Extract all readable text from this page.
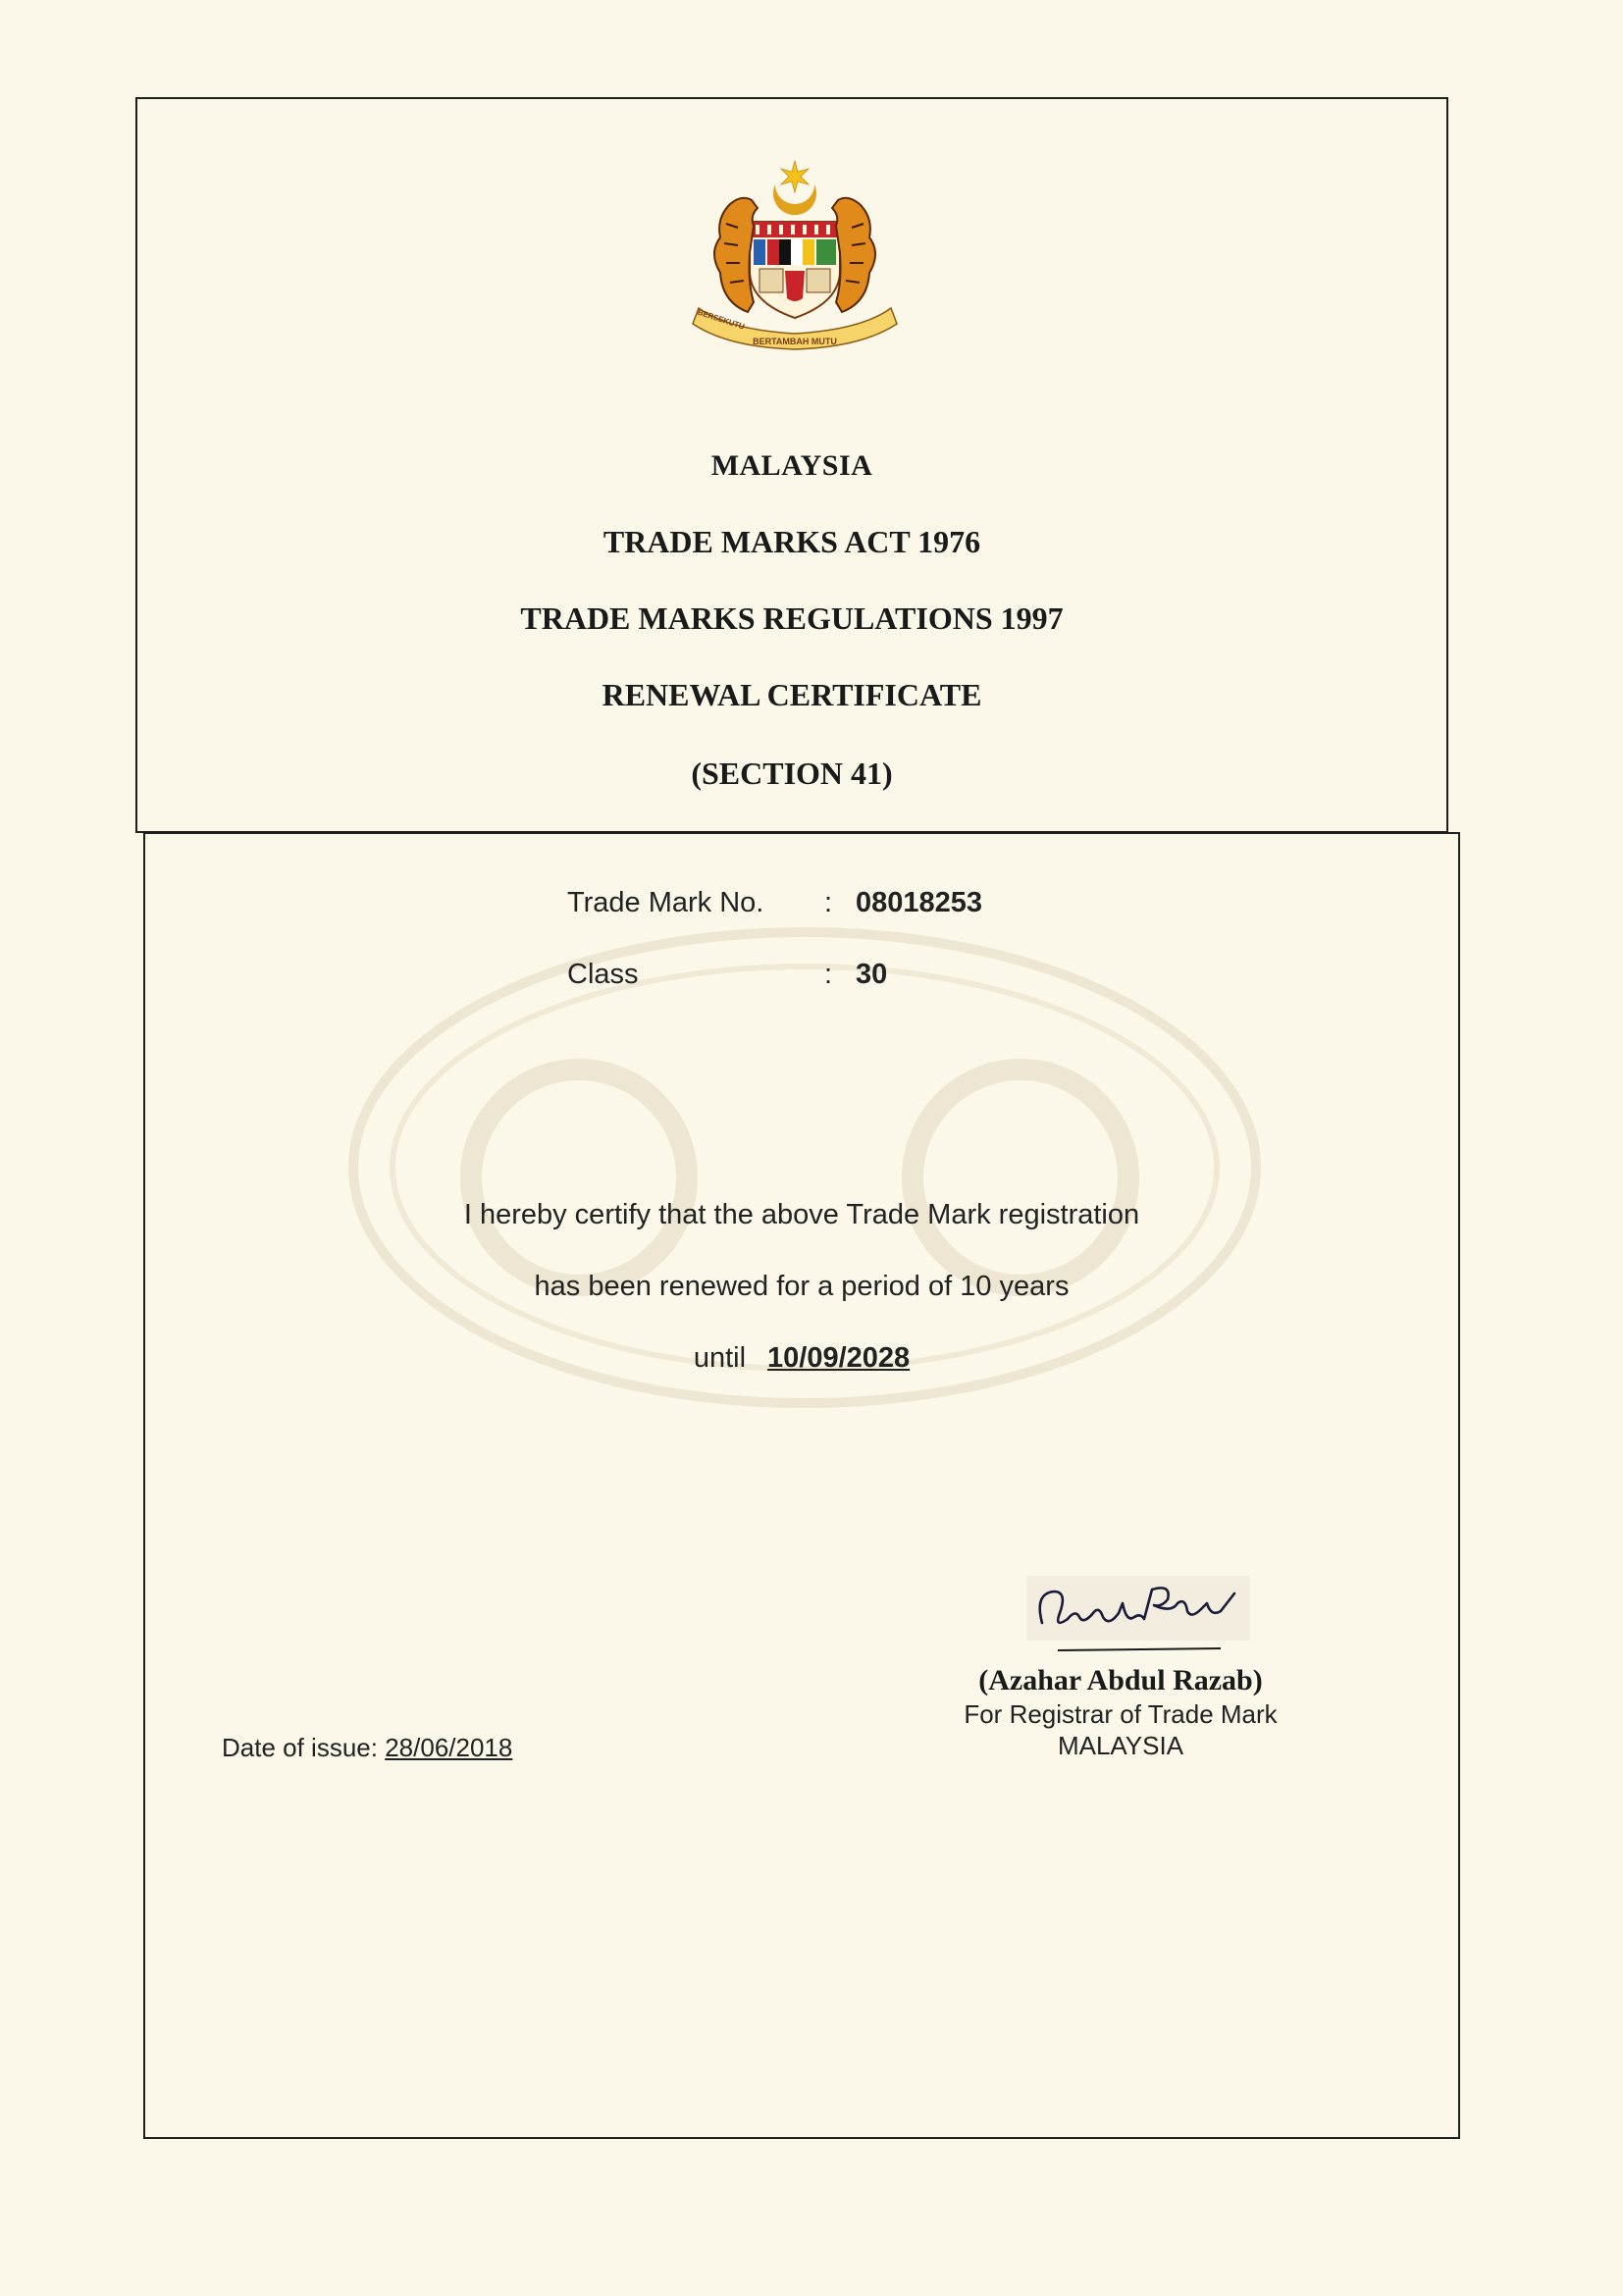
BERTAMBAH MUTU
BERSEKUTU
MALAYSIA
TRADE MARKS ACT 1976
TRADE MARKS REGULATIONS 1997
RENEWAL CERTIFICATE
(SECTION 41)
Trade Mark No. : 08018253
Class	: 30
I hereby certify that the above Trade Mark registration
has been renewed for a period of 10 years
until 10/09/2028
(Azahar Abdul Razab)
For Registrar of Trade Mark
MALAYSIA
Date of issue: 28/06/2018
